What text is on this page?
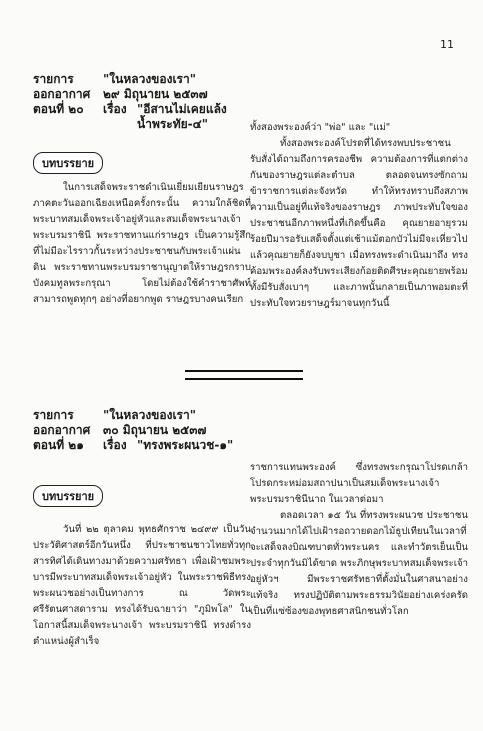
11
รายการ	"ในหลวงของเรา"
ออกอากาศ	๒๙ มิถุนายน ๒๕๓๗
ตอนที่ ๒๐	เรื่อง "อีสานไม่เคยแล้ง
น้ำพระทัย-๔"
บทบรรยาย

ในการเสด็จพระราชดำเนินเยี่ยมเยียนราษฎรภาคตะวันออกเฉียงเหนือครั้งกระนั้น ความใกล้ชิดที่พระบาทสมเด็จพระเจ้าอยู่หัวและสมเด็จพระนางเจ้า พระบรมราชินี พระราชทานแก่ราษฎร เป็นความรู้สึกที่ไม่มีอะไรราวกั้นระหว่างประชาชนกับพระเจ้าแผ่นดิน พระราชทานพระบรมราชานุญาตให้ราษฎรกราบบังคมทูลพระกรุณา โดยไม่ต้องใช้คำราชาศัพท์สามารถพูดทุกๆ อย่างที่อยากพูด ราษฎรบางคนเรียก

ทั้งสองพระองค์ว่า "พ่อ" และ "แม่"

ทั้งสองพระองค์โปรดที่ได้ทรงพบประชาชน รับสั่งได้ถามถึงการครองชีพ ความต้องการที่แตกต่างกันของราษฎรแต่ละตำบล ตลอดจนทรงซักถามข้าราชการแต่ละจังหวัด ทำให้ทรงทราบถึงสภาพความเป็นอยู่ที่แท้จริงของราษฎร ภาพประทับใจของประชาชนอีกภาพหนึ่งที่เกิดขึ้นคือ คุณยายอายุรวมร้อยปีมารอรับเสด็จตั้งแต่เช้าแม้ตอกบัวไม่มีจะเหี่ยวไปแล้วคุณยายก็ยังจบบูชา เมื่อทรงพระดำเนินมาถึง ทรงค้อมพระองค์ลงรับพระเสียงก้อยติดศีรษะคุณยายพร้อมทั้งมีรับสั่งเบาๆ และภาพนั้นกลายเป็นภาพอมตะที่ประทับใจทวยราษฎร์มาจนทุกวันนี้

รายการ	"ในหลวงของเรา"
ออกอากาศ	๓๐ มิถุนายน ๒๕๓๗
ตอนที่ ๒๑	เรื่อง "ทรงพระผนวช-๑"
บทบรรยาย

วันที่ ๒๒ ตุลาคม พุทธศักราช ๒๔๙๙ เป็นวันประวัติศาสตร์อีกวันหนึ่ง ที่ประชาชนชาวไทยทั่วทุกสารทิศได้เดินทางมาด้วยความศรัทธา เพื่อเฝ้าชมพระบารมีพระบาทสมเด็จพระเจ้าอยู่หัว ในพระราชพิธีทรงพระผนวชอย่างเป็นทางการ ณ วัดพระศรีรัตนศาสดาราม ทรงได้รับฉายาว่า "ภูมิพโล" ในโอกาสนี้สมเด็จพระนางเจ้า พระบรมราชินี ทรงดำรงตำแหน่งผู้สำเร็จ

ราชการแทนพระองค์ ซึ่งทรงพระกรุณาโปรดเกล้าโปรดกระหม่อมสถาปนาเป็นสมเด็จพระนางเจ้าพระบรมราชินีนาถ ในเวลาต่อมา

ตลอดเวลา ๑๕ วัน ที่ทรงพระผนวช ประชาชนจำนวนมากได้ไปเฝ้ารอถวายดอกไม้ธูปเทียนในเวลาที่จะเสด็จลงบิณฑบาตทั่วพระนคร และทำวัตรเย็นเป็นประจำทุกวันมิได้ขาด พระภิกษุพระบาทสมเด็จพระเจ้าอยู่หัวฯ มีพระราชศรัทธาที่ตั้งมั่นในศาสนาอย่างแท้จริง ทรงปฏิบัติตามพระธรรมวินัยอย่างเคร่งครัดเป็นที่แซ่ซ้องของพุทธศาสนิกชนทั่วโลก
